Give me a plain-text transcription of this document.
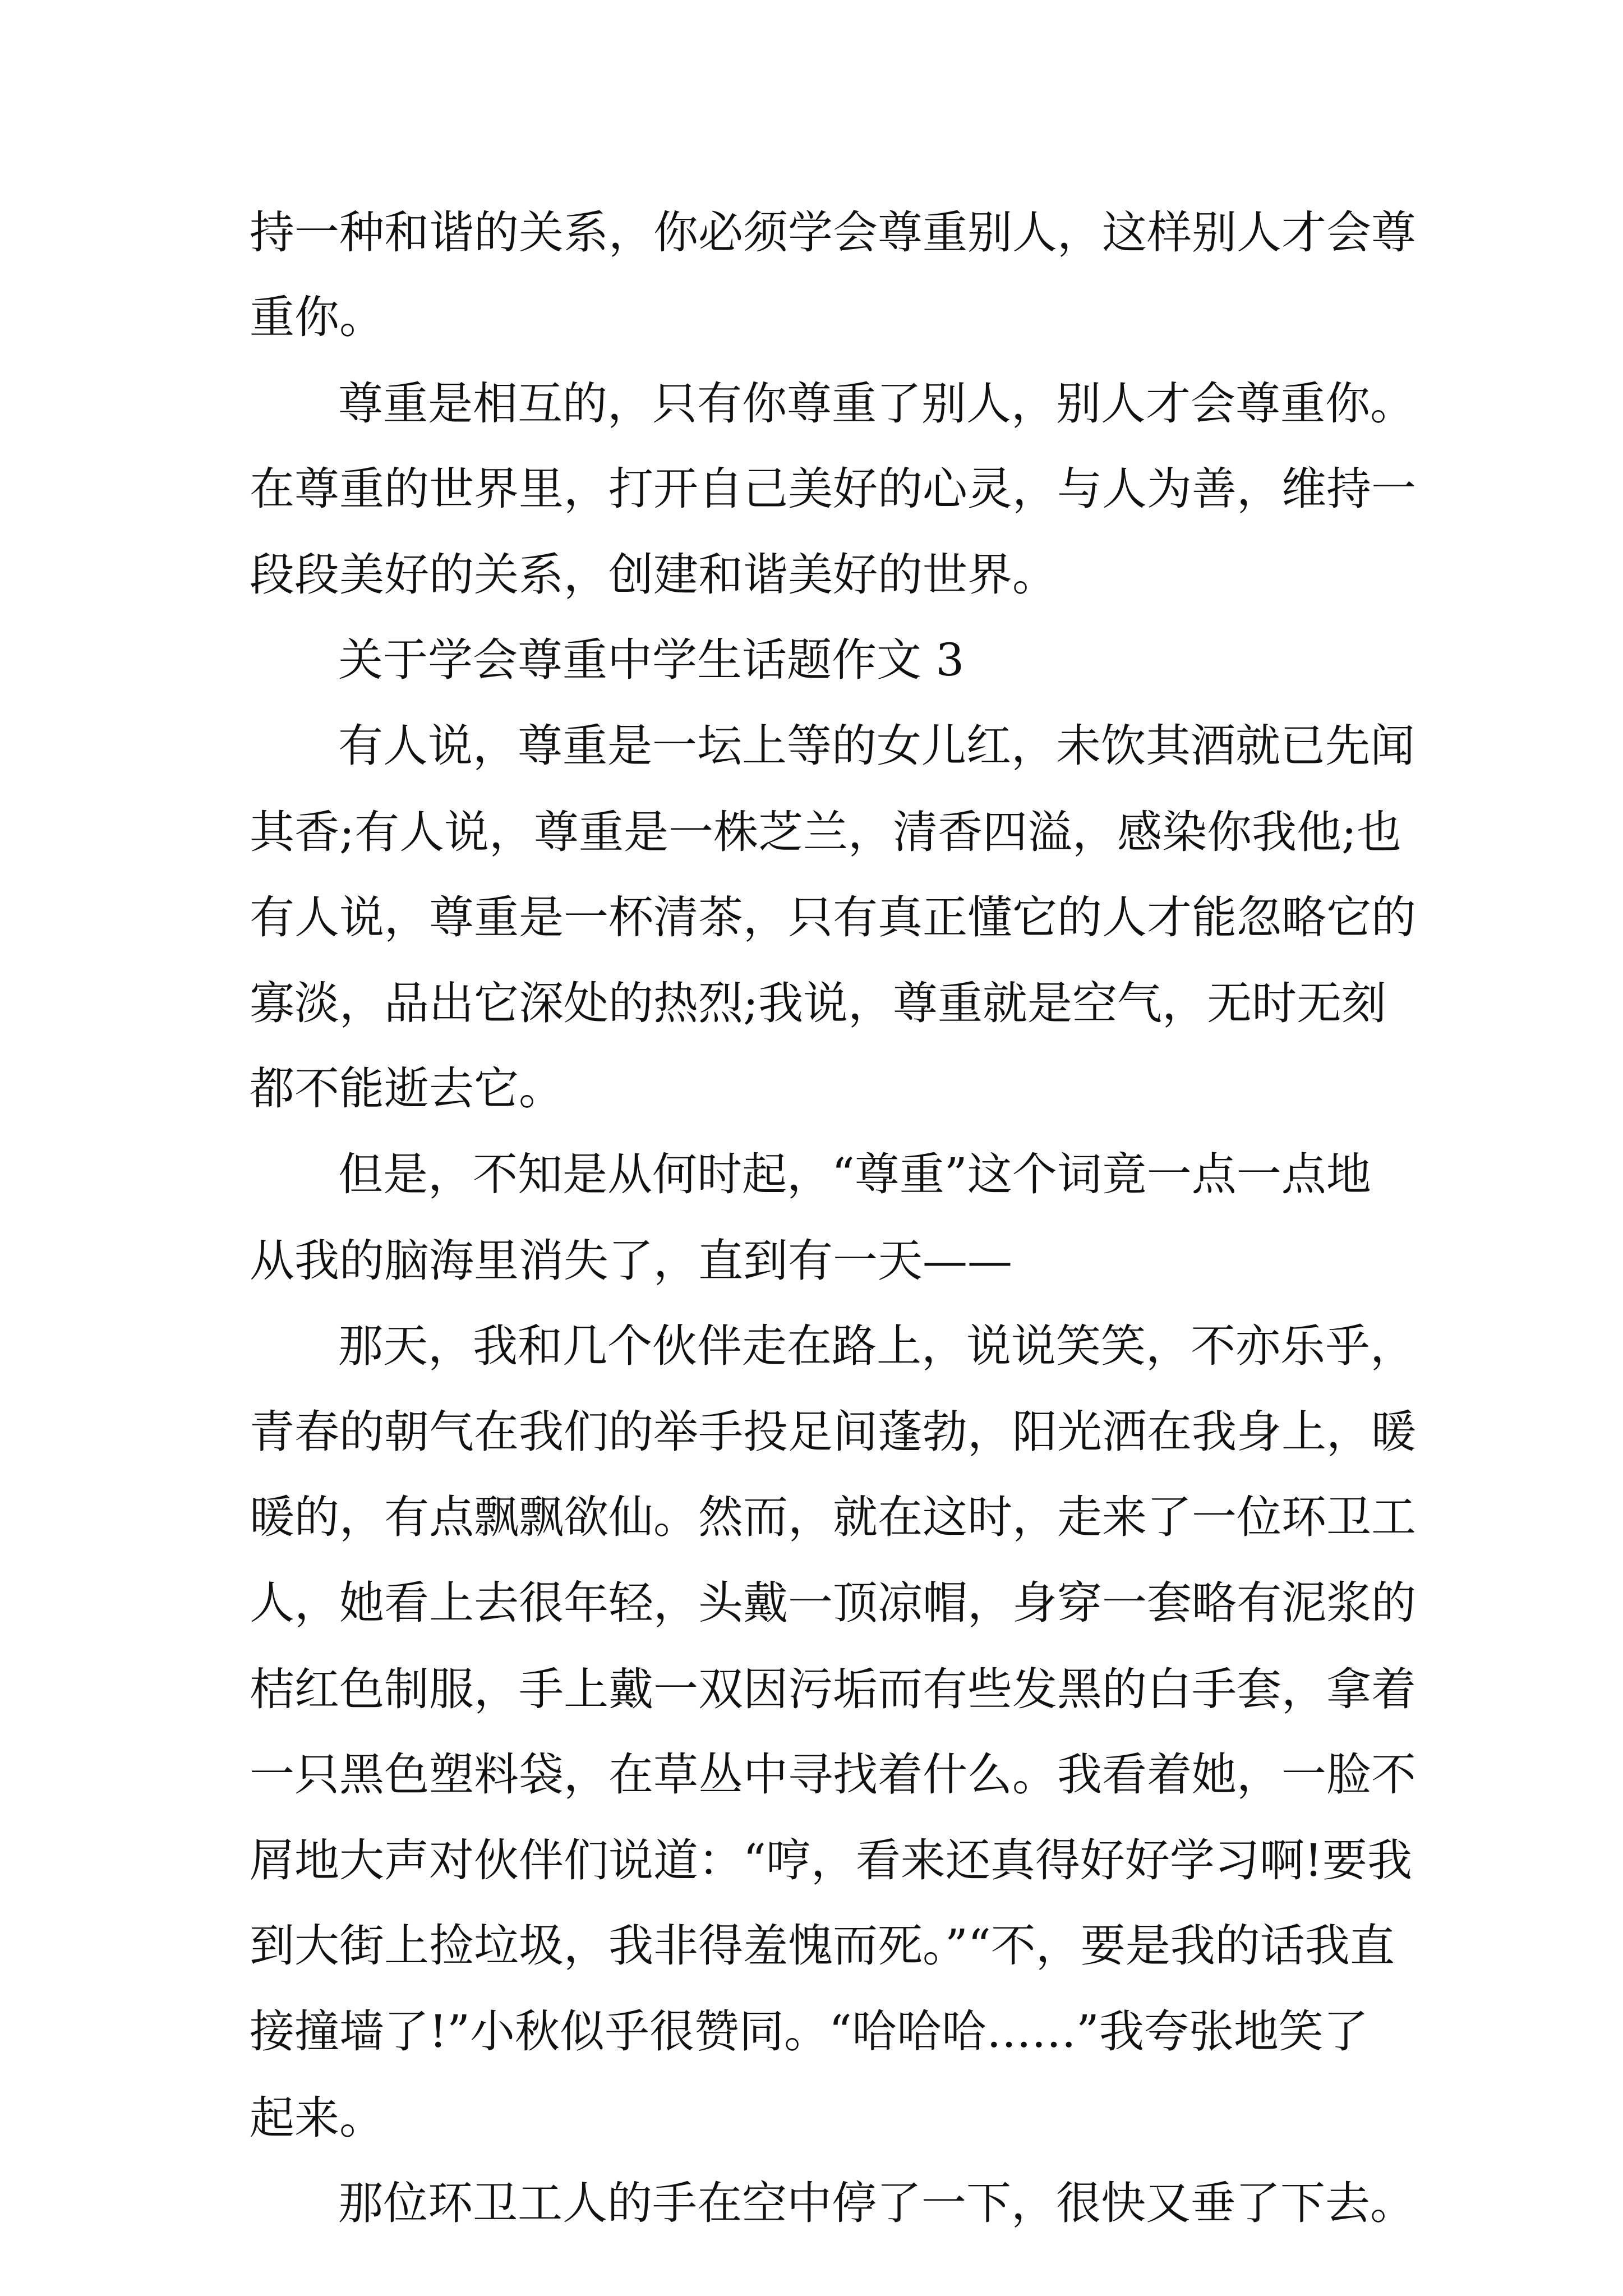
持一种和谐的关系，你必须学会尊重别人，这样别人才会尊
重你。
尊重是相互的，只有你尊重了别人，别人才会尊重你。
在尊重的世界里，打开自己美好的心灵，与人为善，维持一
段段美好的关系，创建和谐美好的世界。
关于学会尊重中学生话题作文 3
有人说，尊重是一坛上等的女儿红，未饮其酒就已先闻
其香;有人说，尊重是一株芝兰，清香四溢，感染你我他;也
有人说，尊重是一杯清茶，只有真正懂它的人才能忽略它的
寡淡，品出它深处的热烈;我说，尊重就是空气，无时无刻
都不能逝去它。
但是，不知是从何时起，“尊重”这个词竟一点一点地
从我的脑海里消失了，直到有一天——
那天，我和几个伙伴走在路上，说说笑笑，不亦乐乎，
青春的朝气在我们的举手投足间蓬勃，阳光洒在我身上，暖
暖的，有点飘飘欲仙。然而，就在这时，走来了一位环卫工
人，她看上去很年轻，头戴一顶凉帽，身穿一套略有泥浆的
桔红色制服，手上戴一双因污垢而有些发黑的白手套，拿着
一只黑色塑料袋，在草丛中寻找着什么。我看着她，一脸不
屑地大声对伙伴们说道：“哼，看来还真得好好学习啊!要我
到大街上捡垃圾，我非得羞愧而死。”“不，要是我的话我直
接撞墙了!”小秋似乎很赞同。“哈哈哈……”我夸张地笑了
起来。
那位环卫工人的手在空中停了一下，很快又垂了下去。
